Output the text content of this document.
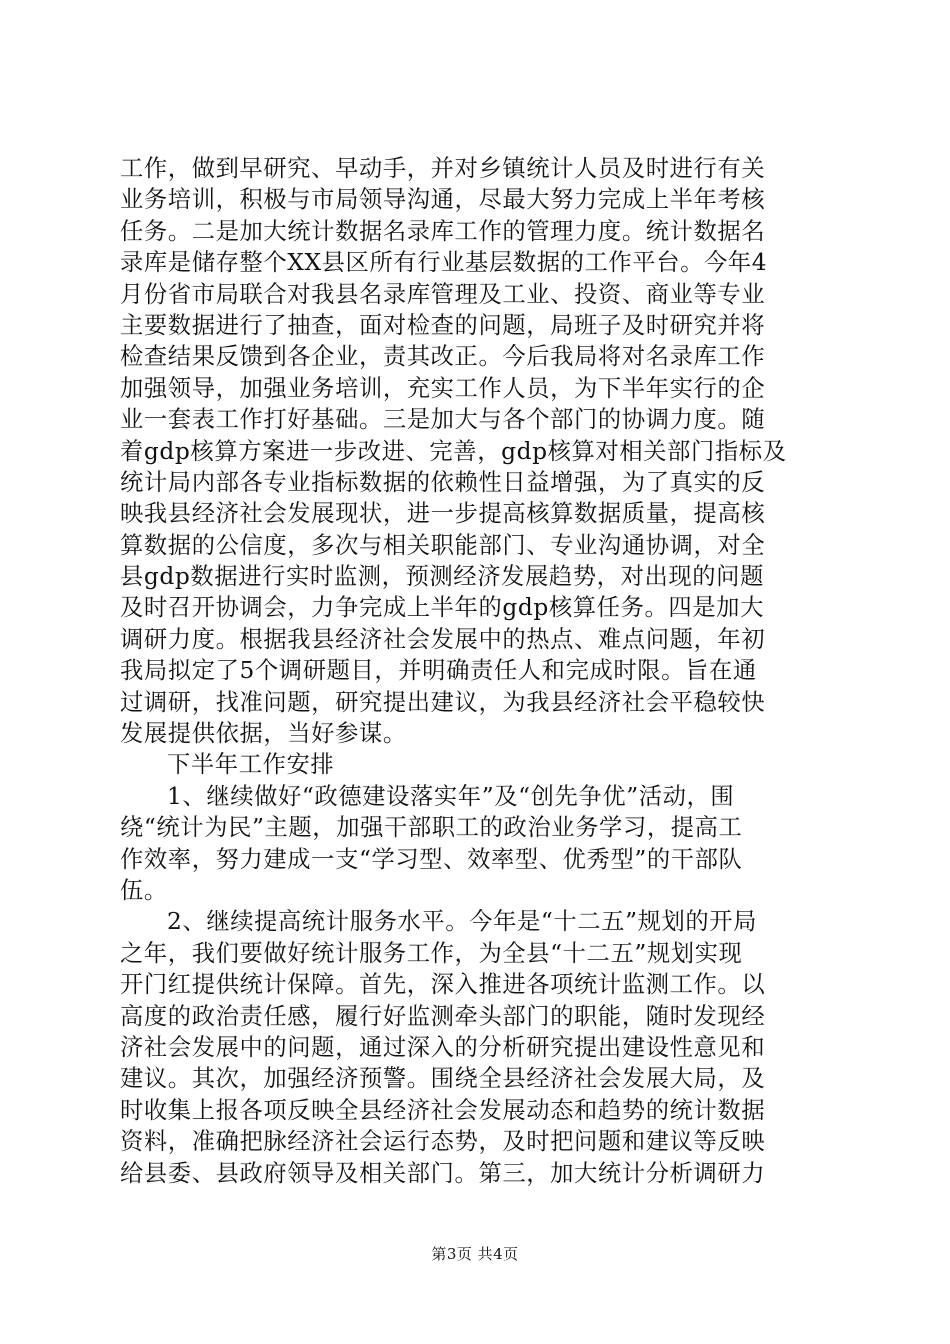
工作，做到早研究、早动手，并对乡镇统计人员及时进行有关
业务培训，积极与市局领导沟通，尽最大努力完成上半年考核
任务。二是加大统计数据名录库工作的管理力度。统计数据名
录库是储存整个XX县区所有行业基层数据的工作平台。今年4
月份省市局联合对我县名录库管理及工业、投资、商业等专业
主要数据进行了抽查，面对检查的问题，局班子及时研究并将
检查结果反馈到各企业，责其改正。今后我局将对名录库工作
加强领导，加强业务培训，充实工作人员，为下半年实行的企
业一套表工作打好基础。三是加大与各个部门的协调力度。随
着gdp核算方案进一步改进、完善，gdp核算对相关部门指标及
统计局内部各专业指标数据的依赖性日益增强，为了真实的反
映我县经济社会发展现状，进一步提高核算数据质量，提高核
算数据的公信度，多次与相关职能部门、专业沟通协调，对全
县gdp数据进行实时监测，预测经济发展趋势，对出现的问题
及时召开协调会，力争完成上半年的gdp核算任务。四是加大
调研力度。根据我县经济社会发展中的热点、难点问题，年初
我局拟定了5个调研题目，并明确责任人和完成时限。旨在通
过调研，找准问题，研究提出建议，为我县经济社会平稳较快
发展提供依据，当好参谋。
下半年工作安排
1、继续做好“政德建设落实年”及“创先争优”活动，围
绕“统计为民”主题，加强干部职工的政治业务学习，提高工
作效率，努力建成一支“学习型、效率型、优秀型”的干部队
伍。
2、继续提高统计服务水平。今年是“十二五”规划的开局
之年，我们要做好统计服务工作，为全县“十二五”规划实现
开门红提供统计保障。首先，深入推进各项统计监测工作。以
高度的政治责任感，履行好监测牵头部门的职能，随时发现经
济社会发展中的问题，通过深入的分析研究提出建设性意见和
建议。其次，加强经济预警。围绕全县经济社会发展大局，及
时收集上报各项反映全县经济社会发展动态和趋势的统计数据
资料，准确把脉经济社会运行态势，及时把问题和建议等反映
给县委、县政府领导及相关部门。第三，加大统计分析调研力
第3页 共4页
